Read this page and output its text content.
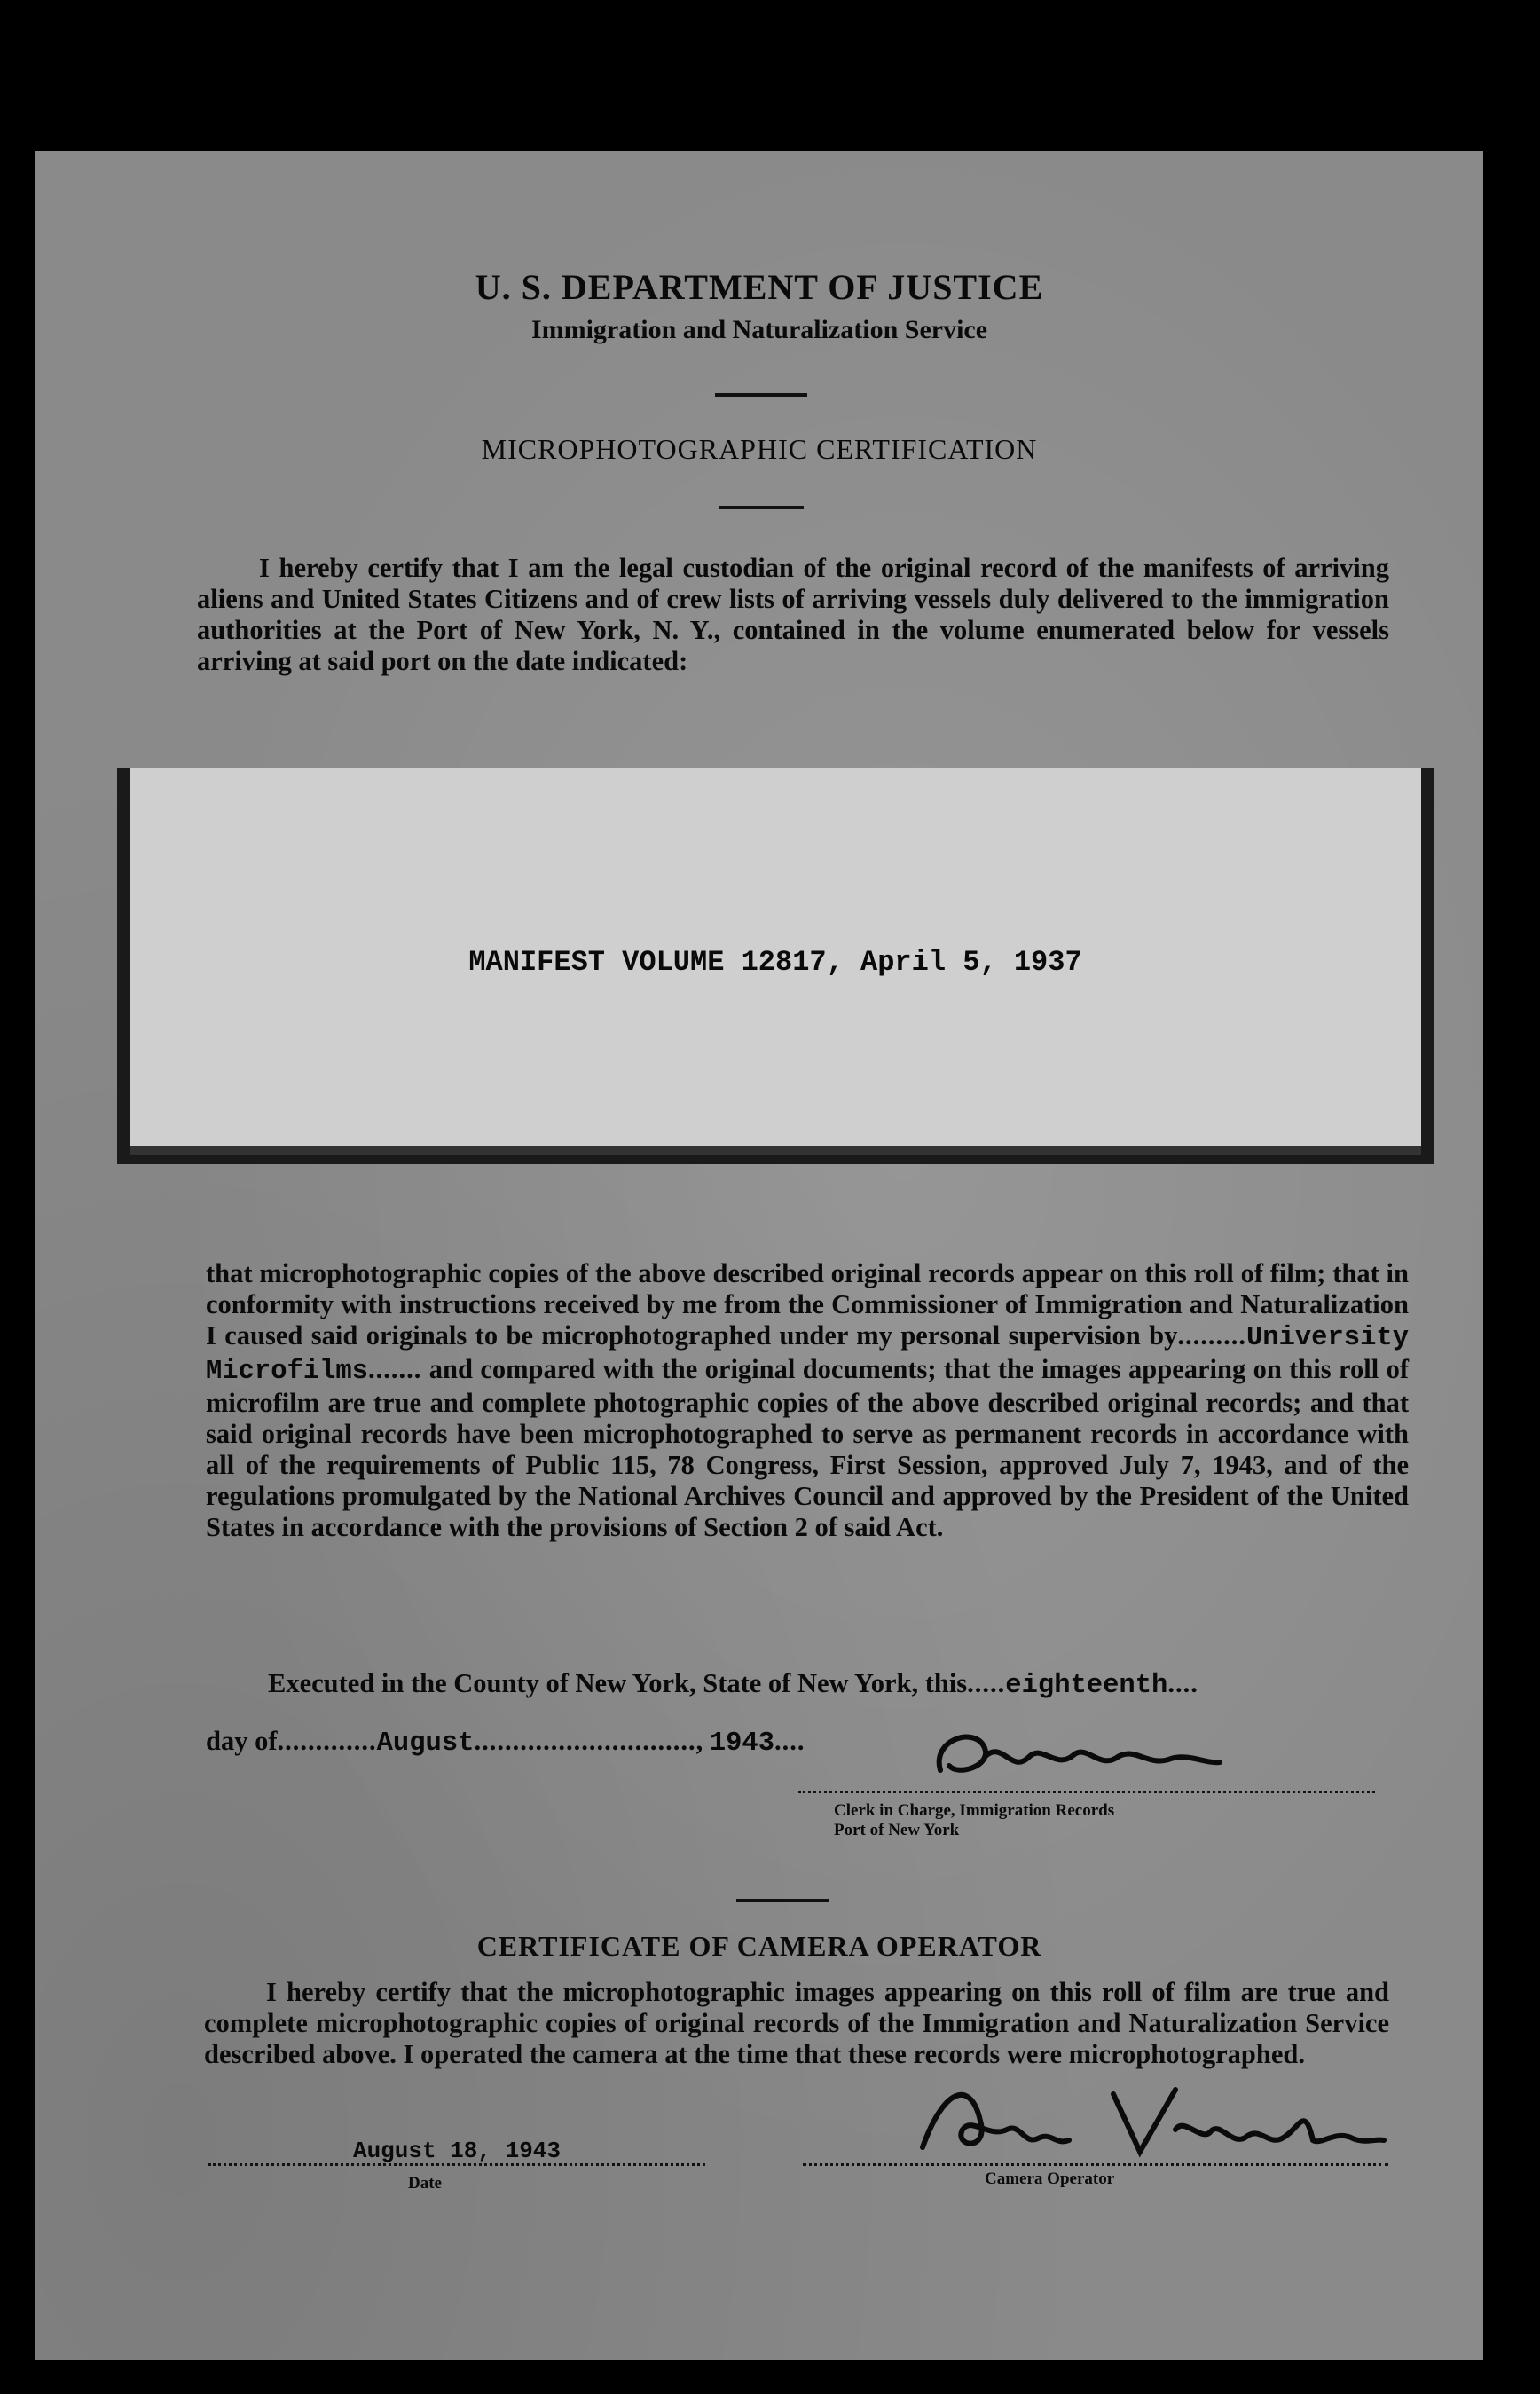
U. S. DEPARTMENT OF JUSTICE
Immigration and Naturalization Service
MICROPHOTOGRAPHIC CERTIFICATION

I hereby certify that I am the legal custodian of the original record of the manifests of arriving aliens and United States Citizens and of crew lists of arriving vessels duly delivered to the immigration authorities at the Port of New York, N. Y., contained in the volume enumerated below for vessels arriving at said port on the date indicated:

MANIFEST VOLUME 12817, April 5, 1937

that microphotographic copies of the above described original records appear on this roll of film; that in conformity with instructions received by me from the Commissioner of Immigration and Naturalization I caused said originals to be microphotographed under my personal supervision by.........University Microfilms....... and compared with the original documents; that the images appearing on this roll of microfilm are true and complete photographic copies of the above described original records; and that said original records have been microphotographed to serve as permanent records in accordance with all of the requirements of Public 115, 78 Congress, First Session, approved July 7, 1943, and of the regulations promulgated by the National Archives Council and approved by the President of the United States in accordance with the provisions of Section 2 of said Act.

Executed in the County of New York, State of New York, this.....eighteenth....
day of.............August............................., 1943....
Clerk in Charge, Immigration Records
Port of New York
CERTIFICATE OF CAMERA OPERATOR

I hereby certify that the microphotographic images appearing on this roll of film are true and complete microphotographic copies of original records of the Immigration and Naturalization Service described above. I operated the camera at the time that these records were microphotographed.

August 18, 1943
Date	Camera Operator
